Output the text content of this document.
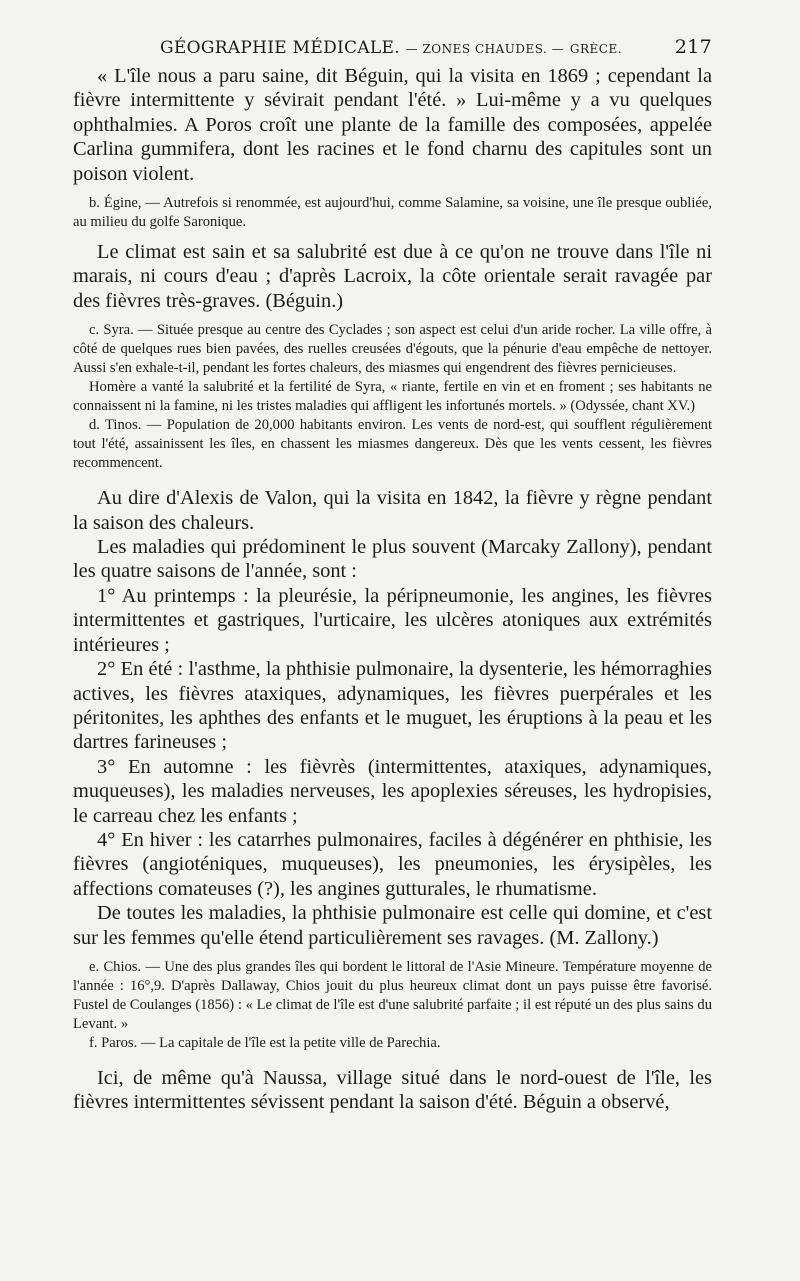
GÉOGRAPHIE MÉDICALE. — ZONES CHAUDES. — GRÈCE.	217

« L'île nous a paru saine, dit Béguin, qui la visita en 1869 ; cependant la fièvre intermittente y sévirait pendant l'été. » Lui-même y a vu quelques ophthalmies. A Poros croît une plante de la famille des composées, appelée Carlina gummifera, dont les racines et le fond charnu des capitules sont un poison violent.

b. Égine, — Autrefois si renommée, est aujourd'hui, comme Salamine, sa voisine, une île presque oubliée, au milieu du golfe Saronique.

Le climat est sain et sa salubrité est due à ce qu'on ne trouve dans l'île ni marais, ni cours d'eau ; d'après Lacroix, la côte orientale serait ravagée par des fièvres très-graves. (Béguin.)

c. Syra. — Située presque au centre des Cyclades ; son aspect est celui d'un aride rocher. La ville offre, à côté de quelques rues bien pavées, des ruelles creusées d'égouts, que la pénurie d'eau empêche de nettoyer. Aussi s'en exhale-t-il, pendant les fortes chaleurs, des miasmes qui engendrent des fièvres pernicieuses.

Homère a vanté la salubrité et la fertilité de Syra, « riante, fertile en vin et en froment ; ses habitants ne connaissent ni la famine, ni les tristes maladies qui affligent les infortunés mortels. » (Odyssée, chant XV.)

d. Tinos. — Population de 20,000 habitants environ. Les vents de nord-est, qui soufflent régulièrement tout l'été, assainissent les îles, en chassent les miasmes dangereux. Dès que les vents cessent, les fièvres recommencent.

Au dire d'Alexis de Valon, qui la visita en 1842, la fièvre y règne pendant la saison des chaleurs.

Les maladies qui prédominent le plus souvent (Marcaky Zallony), pendant les quatre saisons de l'année, sont :

1° Au printemps : la pleurésie, la péripneumonie, les angines, les fièvres intermittentes et gastriques, l'urticaire, les ulcères atoniques aux extrémités intérieures ;

2° En été : l'asthme, la phthisie pulmonaire, la dysenterie, les hémorraghies actives, les fièvres ataxiques, adynamiques, les fièvres puerpérales et les péritonites, les aphthes des enfants et le muguet, les éruptions à la peau et les dartres farineuses ;

3° En automne : les fièvrès (intermittentes, ataxiques, adynamiques, muqueuses), les maladies nerveuses, les apoplexies séreuses, les hydropisies, le carreau chez les enfants ;

4° En hiver : les catarrhes pulmonaires, faciles à dégénérer en phthisie, les fièvres (angioténiques, muqueuses), les pneumonies, les érysipèles, les affections comateuses (?), les angines gutturales, le rhumatisme.

De toutes les maladies, la phthisie pulmonaire est celle qui domine, et c'est sur les femmes qu'elle étend particulièrement ses ravages. (M. Zallony.)

e. Chios. — Une des plus grandes îles qui bordent le littoral de l'Asie Mineure. Température moyenne de l'année : 16°,9. D'après Dallaway, Chios jouit du plus heureux climat dont un pays puisse être favorisé. Fustel de Coulanges (1856) : « Le climat de l'île est d'une salubrité parfaite ; il est réputé un des plus sains du Levant. »

f. Paros. — La capitale de l'île est la petite ville de Parechia.

Ici, de même qu'à Naussa, village situé dans le nord-ouest de l'île, les fièvres intermittentes sévissent pendant la saison d'été. Béguin a observé,
